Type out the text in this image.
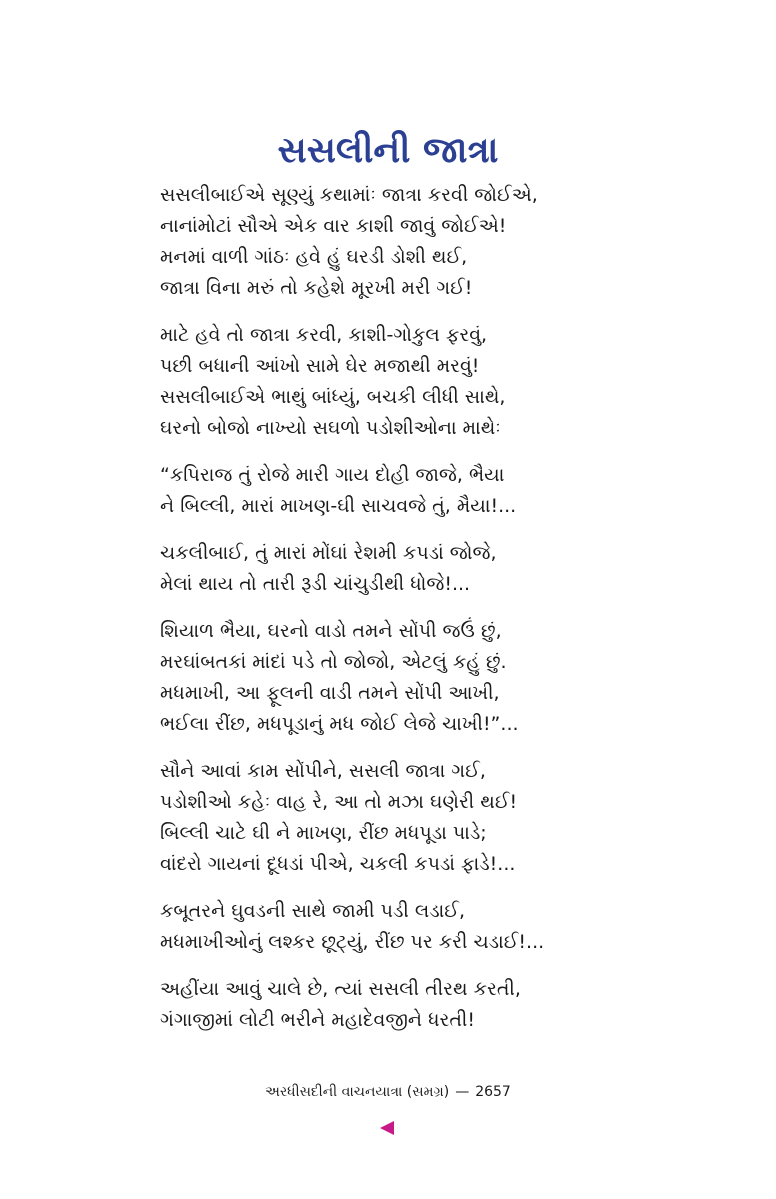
સસલીની જાત્રા
સસલીબાઈએ સૂણ્યું કથામાંઃ જાત્રા કરવી જોઈએ,
નાનાંમોટાં સૌએ એક વાર કાશી જાવું જોઈએ!
મનમાં વાળી ગાંઠઃ હવે હું ઘરડી ડોશી થઈ,
જાત્રા વિના મરું તો કહેશે મૂરખી મરી ગઈ!
માટે હવે તો જાત્રા કરવી, કાશી-ગોકુલ ફરવું,
પછી બધાની આંખો સામે ઘેર મજાથી મરવું!
સસલીબાઈએ ભાથું બાંધ્યું, બચકી લીધી સાથે,
ઘરનો બોજો નાખ્યો સઘળો પડોશીઓના માથેઃ
“કપિરાજ તું રોજે મારી ગાય દોહી જાજે, ભૈયા
ને બિલ્લી, મારાં માખણ-ઘી સાચવજે તું, મૈયા!...
ચકલીબાઈ, તું મારાં મોંઘાં રેશમી કપડાં જોજે,
મેલાં થાય તો તારી રૂડી ચાંચુડીથી ધોજે!...
શિયાળ ભૈયા, ઘરનો વાડો તમને સોંપી જઉં છું,
મરઘાંબતકાં માંદાં પડે તો જોજો, એટલું કહું છું.
મધમાખી, આ ફૂલની વાડી તમને સોંપી આખી,
ભઈલા રીંછ, મધપૂડાનું મધ જોઈ લેજે ચાખી!”...
સૌને આવાં કામ સોંપીને, સસલી જાત્રા ગઈ,
પડોશીઓ કહેઃ વાહ રે, આ તો મઝા ઘણેરી થઈ!
બિલ્લી ચાટે ઘી ને માખણ, રીંછ મધપૂડા પાડે;
વાંદરો ગાયનાં દૂધડાં પીએ, ચકલી કપડાં ફાડે!...
કબૂતરને ઘુવડની સાથે જામી પડી લડાઈ,
મધમાખીઓનું લશ્કર છૂટ્યું, રીંછ પર કરી ચડાઈ!...
અહીંયા આવું ચાલે છે, ત્યાં સસલી તીરથ કરતી,
ગંગાજીમાં લોટી ભરીને મહાદેવજીને ધરતી!
અરધીસદીની વાચનયાત્રા (સમગ્ર) — 2657
